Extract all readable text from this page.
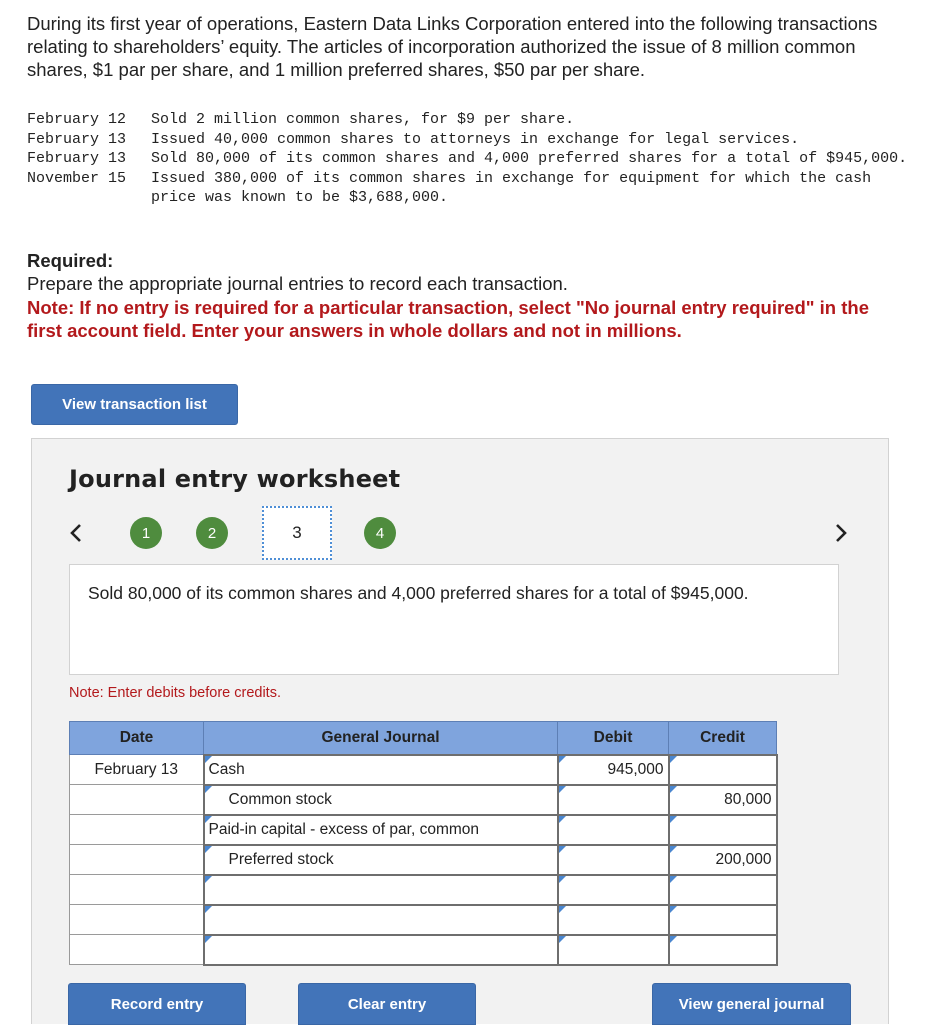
During its first year of operations, Eastern Data Links Corporation entered into the following transactions relating to shareholders’ equity. The articles of incorporation authorized the issue of 8 million common shares, $1 par per share, and 1 million preferred shares, $50 par per share.
February 12	Sold 2 million common shares, for $9 per share.
February 13	Issued 40,000 common shares to attorneys in exchange for legal services.
February 13	Sold 80,000 of its common shares and 4,000 preferred shares for a total of $945,000.
November 15	Issued 380,000 of its common shares in exchange for equipment for which the cash price was known to be $3,688,000.
Required:
Prepare the appropriate journal entries to record each transaction.
Note: If no entry is required for a particular transaction, select "No journal entry required" in the first account field. Enter your answers in whole dollars and not in millions.
View transaction list
Journal entry worksheet
1	2	3	4
Sold 80,000 of its common shares and 4,000 preferred shares for a total of $945,000.
Note: Enter debits before credits.
Date	General Journal	Debit	Credit
February 13	Cash	945,000	
	Common stock		80,000
	Paid-in capital - excess of par, common		
	Preferred stock		200,000

Record entry	Clear entry	View general journal
